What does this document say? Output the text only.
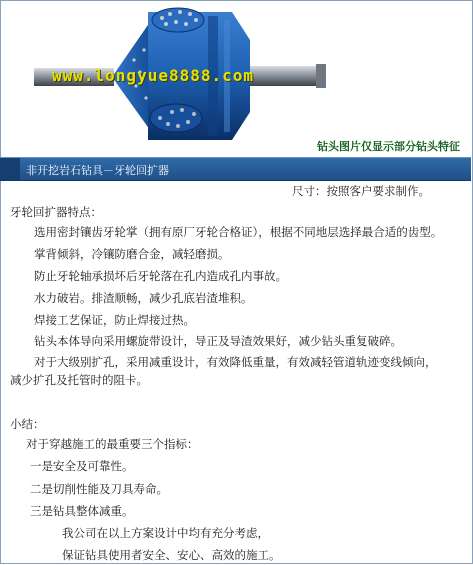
www.longyue8888.com
钻头图片仅显示部分钻头特征
非开挖岩石钻具－牙轮回扩器
尺寸：按照客户要求制作。
牙轮回扩器特点：
选用密封镶齿牙轮掌（拥有原厂牙轮合格证），根据不同地层选择最合适的齿型。
掌背倾斜，冷镶防磨合金，减轻磨损。
防止牙轮轴承损坏后牙轮落在孔内造成孔内事故。
水力破岩。排渣顺畅，减少孔底岩渣堆积。
焊接工艺保证，防止焊接过热。
钻头本体导向采用螺旋带设计，导正及导渣效果好，减少钻头重复破碎。
对于大级别扩孔，采用减重设计，有效降低重量，有效减轻管道轨迹变线倾向，
减少扩孔及托管时的阻卡。
小结：
对于穿越施工的最重要三个指标：
一是安全及可靠性。
二是切削性能及刀具寿命。
三是钻具整体减重。
我公司在以上方案设计中均有充分考虑，
保证钻具使用者安全、安心、高效的施工。
